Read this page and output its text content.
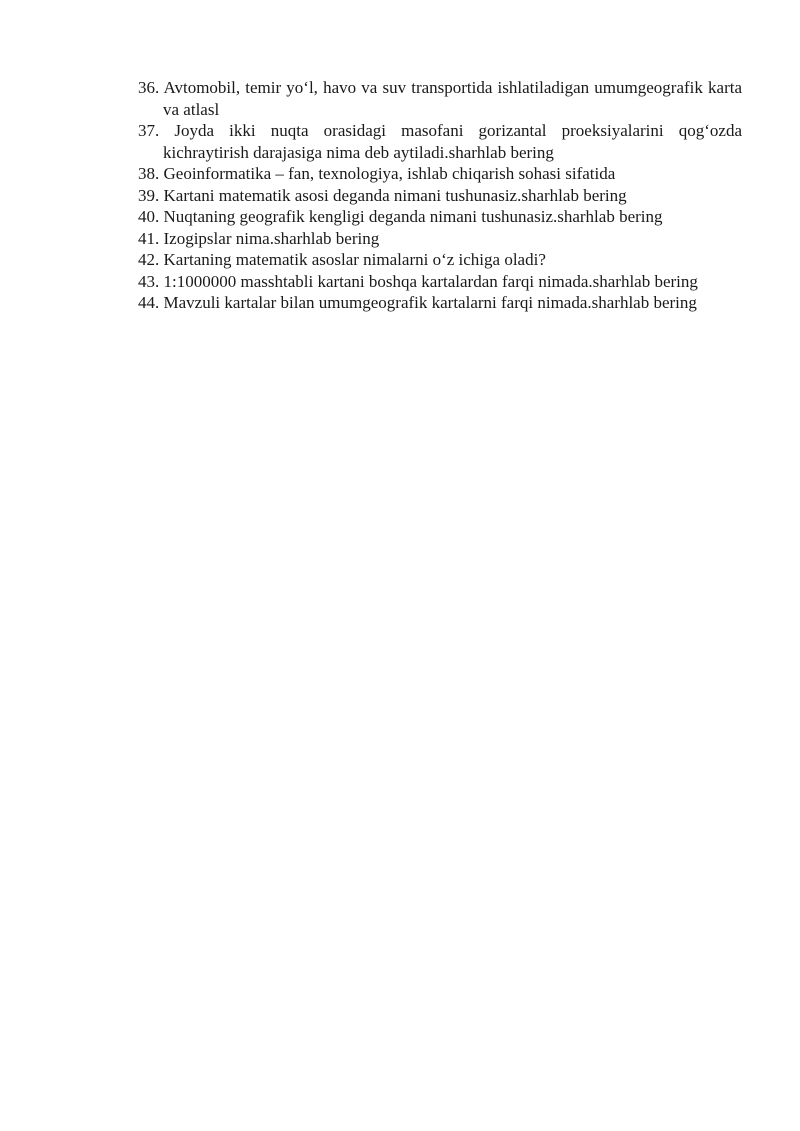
36. Avtomobil, temir yo‘l, havo va suv transportida ishlatiladigan umumgeografik karta va atlasl
37. Joyda ikki nuqta orasidagi masofani gorizantal proeksiyalarini qog‘ozda kichraytirish darajasiga nima deb aytiladi.sharhlab bering
38. Geoinformatika – fan, texnologiya, ishlab chiqarish sohasi sifatida
39. Kartani matematik asosi deganda nimani tushunasiz.sharhlab bering
40. Nuqtaning geografik kengligi deganda nimani tushunasiz.sharhlab bering
41. Izogipslar nima.sharhlab bering
42. Kartaning matematik asoslar nimalarni o‘z ichiga oladi?
43. 1:1000000 masshtabli kartani boshqa kartalardan farqi nimada.sharhlab bering
44. Mavzuli kartalar bilan umumgeografik kartalarni farqi nimada.sharhlab bering
